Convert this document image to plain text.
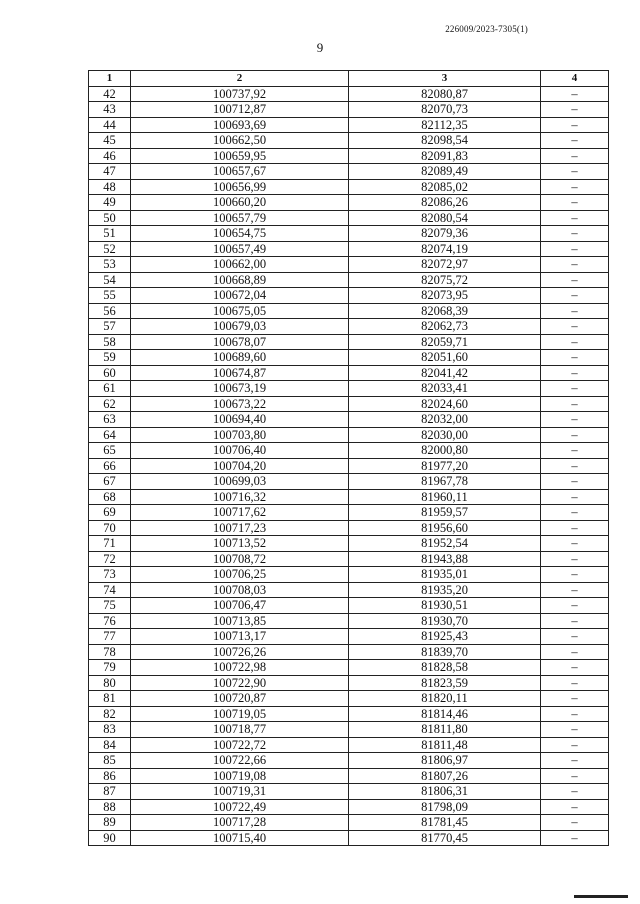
226009/2023-7305(1)
9
1	2	3	4
42	100737,92	82080,87	–
43	100712,87	82070,73	–
44	100693,69	82112,35	–
45	100662,50	82098,54	–
46	100659,95	82091,83	–
47	100657,67	82089,49	–
48	100656,99	82085,02	–
49	100660,20	82086,26	–
50	100657,79	82080,54	–
51	100654,75	82079,36	–
52	100657,49	82074,19	–
53	100662,00	82072,97	–
54	100668,89	82075,72	–
55	100672,04	82073,95	–
56	100675,05	82068,39	–
57	100679,03	82062,73	–
58	100678,07	82059,71	–
59	100689,60	82051,60	–
60	100674,87	82041,42	–
61	100673,19	82033,41	–
62	100673,22	82024,60	–
63	100694,40	82032,00	–
64	100703,80	82030,00	–
65	100706,40	82000,80	–
66	100704,20	81977,20	–
67	100699,03	81967,78	–
68	100716,32	81960,11	–
69	100717,62	81959,57	–
70	100717,23	81956,60	–
71	100713,52	81952,54	–
72	100708,72	81943,88	–
73	100706,25	81935,01	–
74	100708,03	81935,20	–
75	100706,47	81930,51	–
76	100713,85	81930,70	–
77	100713,17	81925,43	–
78	100726,26	81839,70	–
79	100722,98	81828,58	–
80	100722,90	81823,59	–
81	100720,87	81820,11	–
82	100719,05	81814,46	–
83	100718,77	81811,80	–
84	100722,72	81811,48	–
85	100722,66	81806,97	–
86	100719,08	81807,26	–
87	100719,31	81806,31	–
88	100722,49	81798,09	–
89	100717,28	81781,45	–
90	100715,40	81770,45	–
